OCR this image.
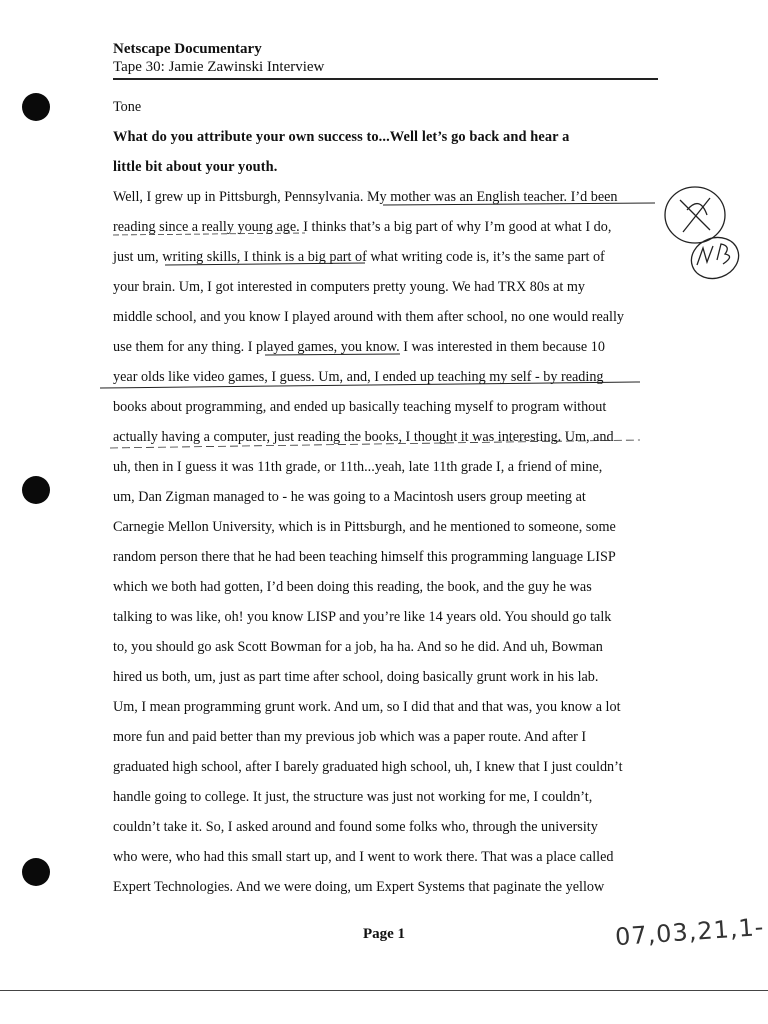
Netscape Documentary
Tape 30: Jamie Zawinski Interview
Tone
What do you attribute your own success to...Well let’s go back and hear a
little bit about your youth.
Well, I grew up in Pittsburgh, Pennsylvania. My mother was an English teacher. I’d been
reading since a really young age. I thinks that’s a big part of why I’m good at what I do,
just um, writing skills, I think is a big part of what writing code is, it’s the same part of
your brain. Um, I got interested in computers pretty young. We had TRX 80s at my
middle school, and you know I played around with them after school, no one would really
use them for any thing. I played games, you know. I was interested in them because 10
year olds like video games, I guess. Um, and, I ended up teaching my self - by reading
books about programming, and ended up basically teaching myself to program without
actually having a computer, just reading the books, I thought it was interesting. Um, and
uh, then in I guess it was 11th grade, or 11th...yeah, late 11th grade I, a friend of mine,
um, Dan Zigman managed to - he was going to a Macintosh users group meeting at
Carnegie Mellon University, which is in Pittsburgh, and he mentioned to someone, some
random person there that he had been teaching himself this programming language LISP
which we both had gotten, I’d been doing this reading, the book, and the guy he was
talking to was like, oh! you know LISP and you’re like 14 years old. You should go talk
to, you should go ask Scott Bowman for a job, ha ha. And so he did. And uh, Bowman
hired us both, um, just as part time after school, doing basically grunt work in his lab.
Um, I mean programming grunt work. And um, so I did that and that was, you know a lot
more fun and paid better than my previous job which was a paper route. And after I
graduated high school, after I barely graduated high school, uh, I knew that I just couldn’t
handle going to college. It just, the structure was just not working for me, I couldn’t,
couldn’t take it. So, I asked around and found some folks who, through the university
who were, who had this small start up, and I went to work there. That was a place called
Expert Technologies. And we were doing, um Expert Systems that paginate the yellow
Page 1	07,03,21,1-
